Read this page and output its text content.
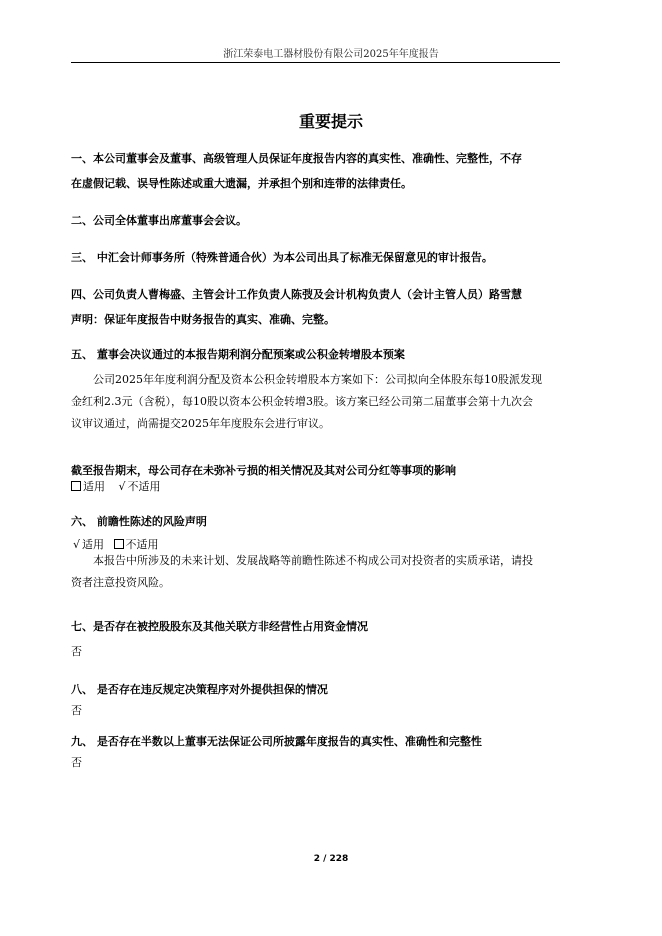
浙江荣泰电工器材股份有限公司2025年年度报告
重要提示
一、本公司董事会及董事、高级管理人员保证年度报告内容的真实性、准确性、完整性，不存
在虚假记载、误导性陈述或重大遗漏，并承担个别和连带的法律责任。
二、公司全体董事出席董事会会议。
三、 中汇会计师事务所（特殊普通合伙）为本公司出具了标准无保留意见的审计报告。
四、公司负责人曹梅盛、主管会计工作负责人陈弢及会计机构负责人（会计主管人员）路雪慧
声明：保证年度报告中财务报告的真实、准确、完整。
五、 董事会决议通过的本报告期利润分配预案或公积金转增股本预案
公司2025年年度利润分配及资本公积金转增股本方案如下：公司拟向全体股东每10股派发现
金红利2.3元（含税），每10股以资本公积金转增3股。该方案已经公司第二届董事会第十九次会
议审议通过，尚需提交2025年年度股东会进行审议。
截至报告期末，母公司存在未弥补亏损的相关情况及其对公司分红等事项的影响
适用 √ 不适用
六、 前瞻性陈述的风险声明
√ 适用 不适用
本报告中所涉及的未来计划、发展战略等前瞻性陈述不构成公司对投资者的实质承诺，请投
资者注意投资风险。
七、是否存在被控股股东及其他关联方非经营性占用资金情况
否
八、 是否存在违反规定决策程序对外提供担保的情况
否
九、 是否存在半数以上董事无法保证公司所披露年度报告的真实性、准确性和完整性
否
2 / 228
